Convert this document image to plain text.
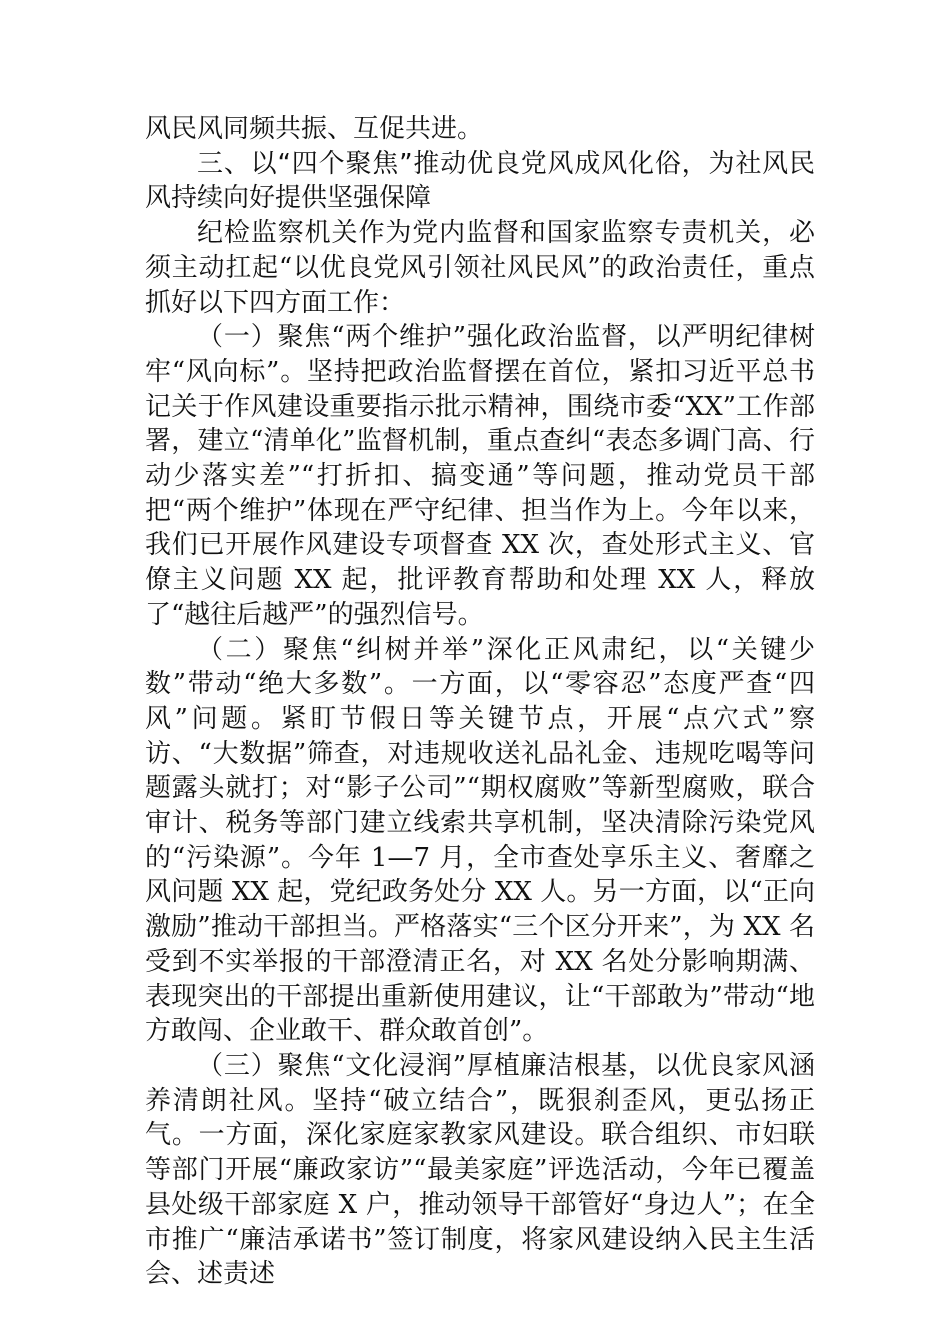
风民风同频共振、互促共进。

三、以“四个聚焦”推动优良党风成风化俗，为社风民风持续向好提供坚强保障

纪检监察机关作为党内监督和国家监察专责机关，必须主动扛起“以优良党风引领社风民风”的政治责任，重点抓好以下四方面工作：

（一）聚焦“两个维护”强化政治监督，以严明纪律树牢“风向标”。坚持把政治监督摆在首位，紧扣习近平总书记关于作风建设重要指示批示精神，围绕市委“XX”工作部署，建立“清单化”监督机制，重点查纠“表态多调门高、行动少落实差”“打折扣、搞变通”等问题，推动党员干部把“两个维护”体现在严守纪律、担当作为上。今年以来，我们已开展作风建设专项督查 XX 次，查处形式主义、官僚主义问题 XX 起，批评教育帮助和处理 XX 人，释放了“越往后越严”的强烈信号。

（二）聚焦“纠树并举”深化正风肃纪，以“关键少数”带动“绝大多数”。一方面，以“零容忍”态度严查“四风”问题。紧盯节假日等关键节点，开展“点穴式”察访、“大数据”筛查，对违规收送礼品礼金、违规吃喝等问题露头就打；对“影子公司”“期权腐败”等新型腐败，联合审计、税务等部门建立线索共享机制，坚决清除污染党风的“污染源”。今年 1—7 月，全市查处享乐主义、奢靡之风问题 XX 起，党纪政务处分 XX 人。另一方面，以“正向激励”推动干部担当。严格落实“三个区分开来”，为 XX 名受到不实举报的干部澄清正名，对 XX 名处分影响期满、表现突出的干部提出重新使用建议，让“干部敢为”带动“地方敢闯、企业敢干、群众敢首创”。

（三）聚焦“文化浸润”厚植廉洁根基，以优良家风涵养清朗社风。坚持“破立结合”，既狠刹歪风，更弘扬正气。一方面，深化家庭家教家风建设。联合组织、市妇联等部门开展“廉政家访”“最美家庭”评选活动，今年已覆盖县处级干部家庭 X 户，推动领导干部管好“身边人”；在全市推广“廉洁承诺书”签订制度，将家风建设纳入民主生活会、述责述
